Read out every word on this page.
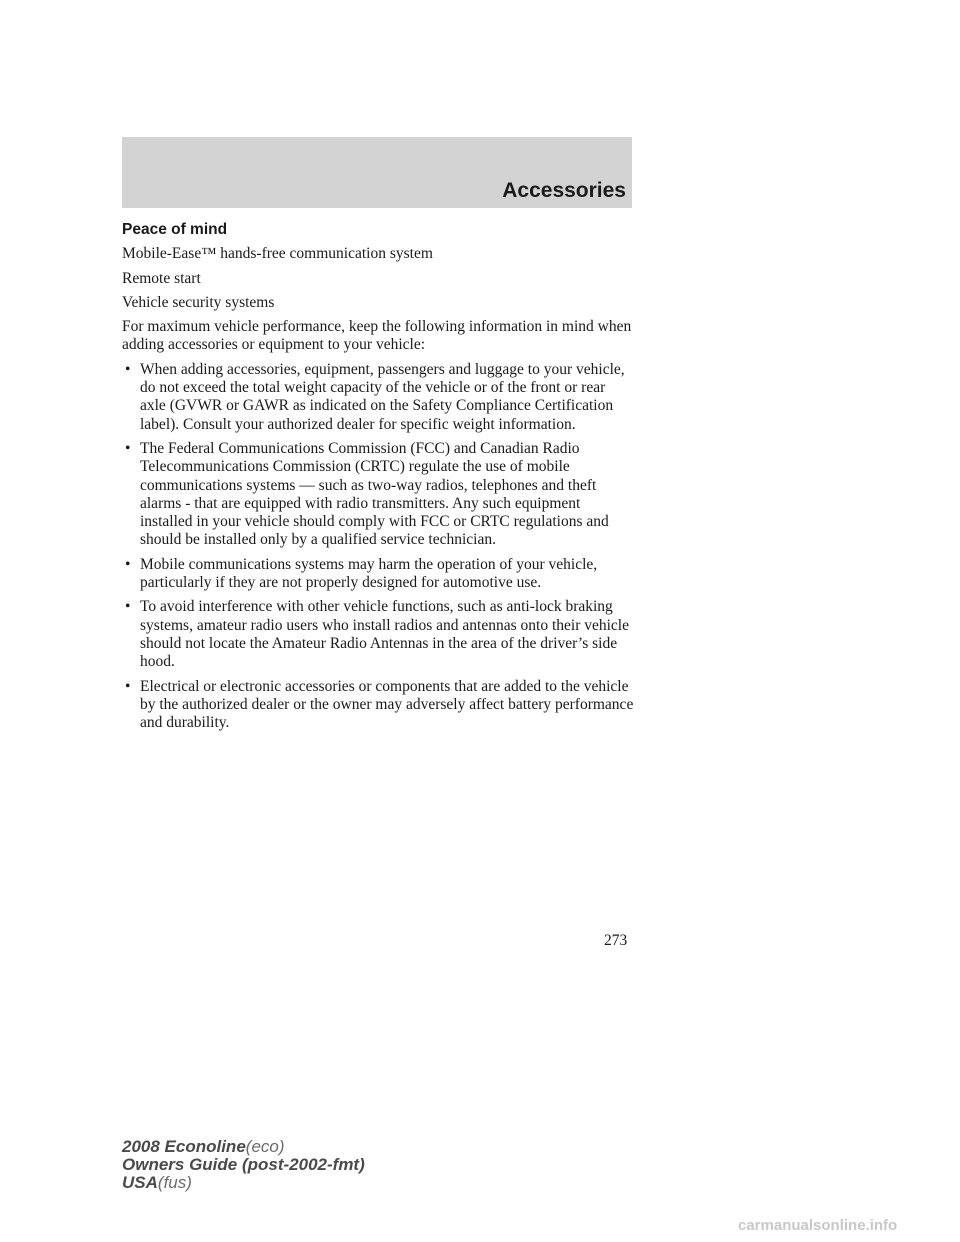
Accessories
Peace of mind

Mobile-Ease™ hands-free communication system

Remote start

Vehicle security systems

For maximum vehicle performance, keep the following information in mind when adding accessories or equipment to your vehicle:

• When adding accessories, equipment, passengers and luggage to your vehicle, do not exceed the total weight capacity of the vehicle or of the front or rear axle (GVWR or GAWR as indicated on the Safety Compliance Certification label). Consult your authorized dealer for specific weight information.
• The Federal Communications Commission (FCC) and Canadian Radio Telecommunications Commission (CRTC) regulate the use of mobile communications systems — such as two-way radios, telephones and theft alarms - that are equipped with radio transmitters. Any such equipment installed in your vehicle should comply with FCC or CRTC regulations and should be installed only by a qualified service technician.
• Mobile communications systems may harm the operation of your vehicle, particularly if they are not properly designed for automotive use.
• To avoid interference with other vehicle functions, such as anti-lock braking systems, amateur radio users who install radios and antennas onto their vehicle should not locate the Amateur Radio Antennas in the area of the driver’s side hood.
• Electrical or electronic accessories or components that are added to the vehicle by the authorized dealer or the owner may adversely affect battery performance and durability.
273
2008 Econoline(eco)
Owners Guide (post-2002-fmt)
USA(fus)
carmanualsonline.info
